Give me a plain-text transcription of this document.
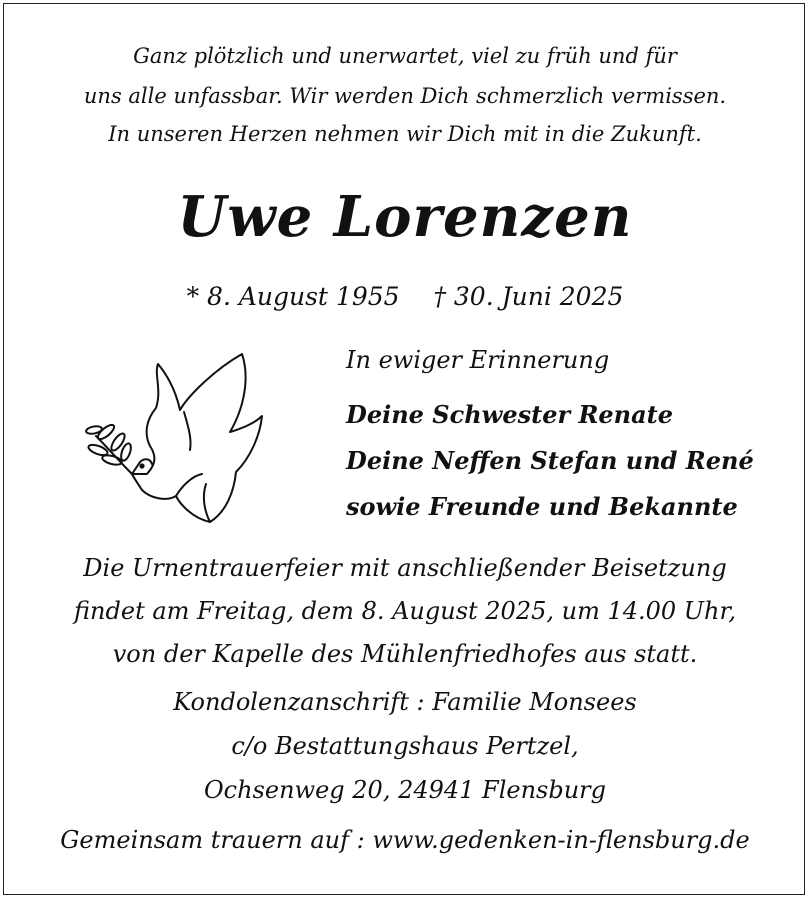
Ganz plötzlich und unerwartet, viel zu früh und für
uns alle unfassbar. Wir werden Dich schmerzlich vermissen.
In unseren Herzen nehmen wir Dich mit in die Zukunft.
Uwe Lorenzen
* 8. August 1955 † 30. Juni 2025
In ewiger Erinnerung
Deine Schwester Renate
Deine Neffen Stefan und René
sowie Freunde und Bekannte
Die Urnentrauerfeier mit anschließender Beisetzung
findet am Freitag, dem 8. August 2025, um 14.00 Uhr,
von der Kapelle des Mühlenfriedhofes aus statt.
Kondolenzanschrift : Familie Monsees
c/o Bestattungshaus Pertzel,
Ochsenweg 20, 24941 Flensburg
Gemeinsam trauern auf : www.gedenken-in-flensburg.de
